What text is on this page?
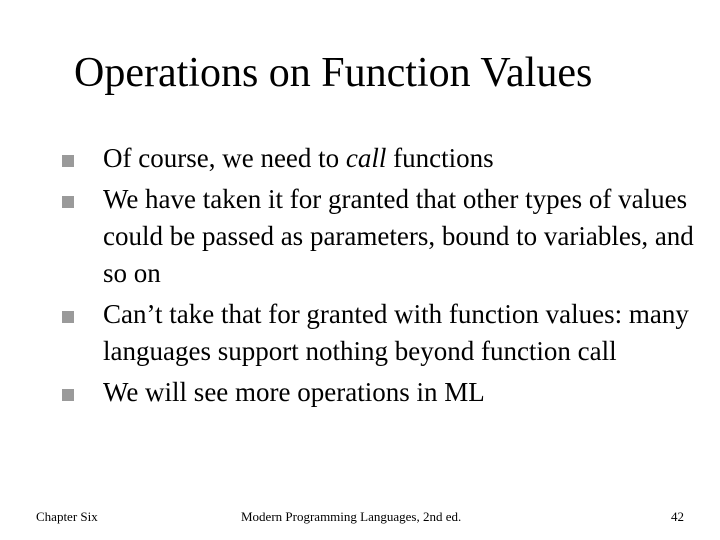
Operations on Function Values
Of course, we need to call functions
We have taken it for granted that other types of values could be passed as parameters, bound to variables, and so on
Can’t take that for granted with function values: many languages support nothing beyond function call
We will see more operations in ML
Chapter Six	Modern Programming Languages, 2nd ed.	42
